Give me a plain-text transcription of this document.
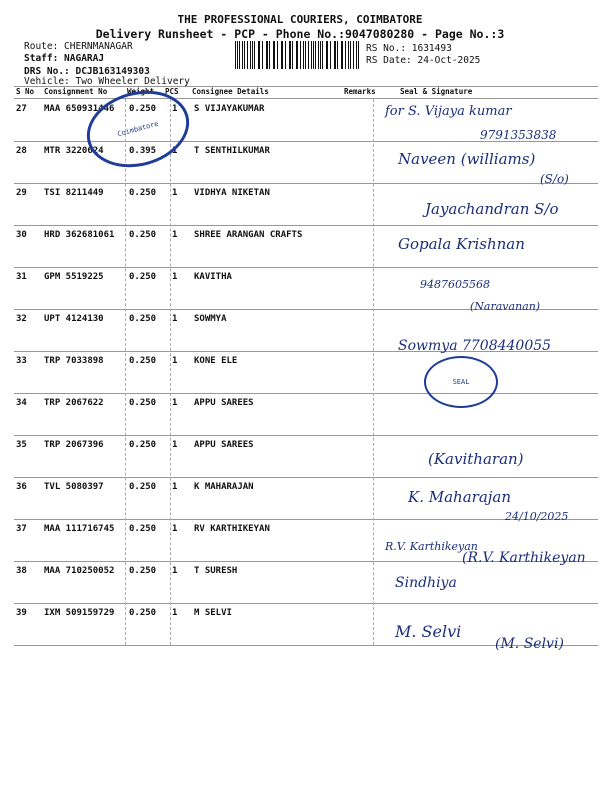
THE PROFESSIONAL COURIERS, COIMBATORE
Delivery Runsheet - PCP - Phone No.:9047080280 - Page No.:3
Route: CHERNMANAGAR
Staff: NAGARAJ
DRS No.: DCJB163149303
Vehicle: Two Wheeler Delivery
RS No.: 1631493
RS Date: 24-Oct-2025
S No Consignment No	Weight PCS Consignee Details	Remarks	Seal & Signature
27 MAA 650931446 0.250 1 S VIJAYAKUMAR
28 MTR 3220624	0.395 1 T SENTHILKUMAR
29 TSI 8211449	0.250 1 VIDHYA NIKETAN
30 HRD 362681061 0.250 1 SHREE ARANGAN CRAFTS
31 GPM 5519225	0.250 1 KAVITHA
32 UPT 4124130	0.250 1 SOWMYA
33 TRP 7033898	0.250 1 KONE ELE
34 TRP 2067622	0.250 1 APPU SAREES
35 TRP 2067396	0.250 1 APPU SAREES
36 TVL 5080397	0.250 1 K MAHARAJAN
37 MAA 111716745 0.250 1 RV KARTHIKEYAN
38 MAA 710250052 0.250 1 T SURESH
39 IXM 509159729 0.250 1 M SELVI
Coimbatore
SEAL
for S. Vijaya kumar
9791353838
Naveen (williams)
(S/o)
Jayachandran S/o
Gopala Krishnan
9487605568
(Naravanan)
Sowmya 7708440055
(Kavitharan)
K. Maharajan
24/10/2025
R.V. Karthikeyan
(R.V. Karthikeyan
Sindhiya
M. Selvi
(M. Selvi)
